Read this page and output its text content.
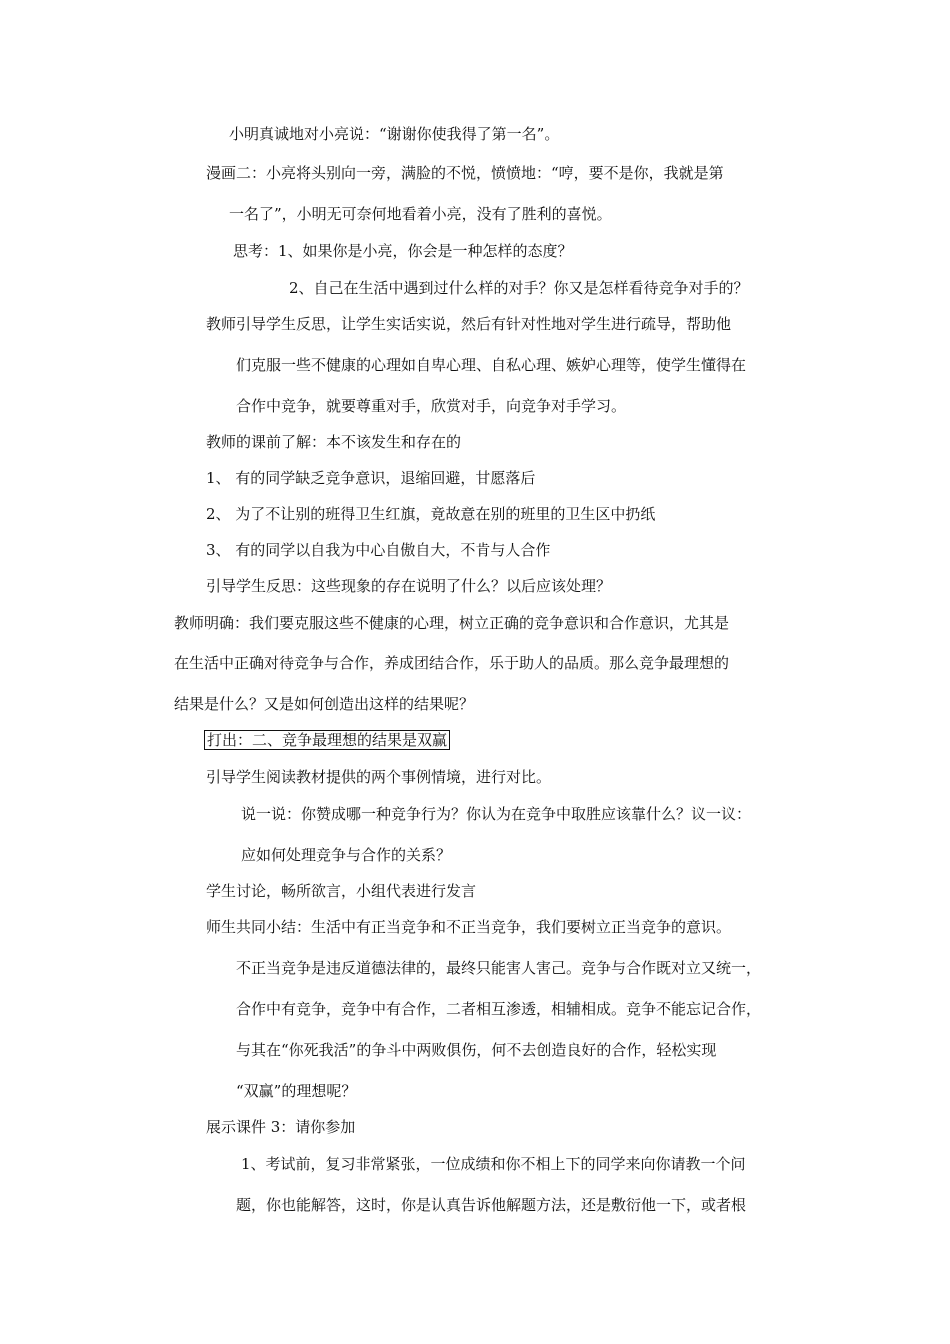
小明真诚地对小亮说：“谢谢你使我得了第一名”。
漫画二：小亮将头别向一旁，满脸的不悦，愤愤地：“哼，要不是你，我就是第
一名了”，小明无可奈何地看着小亮，没有了胜利的喜悦。
思考：1、如果你是小亮，你会是一种怎样的态度？
2、自己在生活中遇到过什么样的对手？你又是怎样看待竞争对手的？
教师引导学生反思，让学生实话实说，然后有针对性地对学生进行疏导，帮助他
们克服一些不健康的心理如自卑心理、自私心理、嫉妒心理等，使学生懂得在
合作中竞争，就要尊重对手，欣赏对手，向竞争对手学习。
教师的课前了解：本不该发生和存在的
1、 有的同学缺乏竞争意识，退缩回避，甘愿落后
2、 为了不让别的班得卫生红旗，竟故意在别的班里的卫生区中扔纸
3、 有的同学以自我为中心自傲自大，不肯与人合作
引导学生反思：这些现象的存在说明了什么？以后应该处理？
教师明确：我们要克服这些不健康的心理，树立正确的竞争意识和合作意识，尤其是
在生活中正确对待竞争与合作，养成团结合作，乐于助人的品质。那么竞争最理想的
结果是什么？又是如何创造出这样的结果呢？
打出：二、竞争最理想的结果是双赢
引导学生阅读教材提供的两个事例情境，进行对比。
说一说：你赞成哪一种竞争行为？你认为在竞争中取胜应该靠什么？议一议：
应如何处理竞争与合作的关系？
学生讨论，畅所欲言，小组代表进行发言
师生共同小结：生活中有正当竞争和不正当竞争，我们要树立正当竞争的意识。
不正当竞争是违反道德法律的，最终只能害人害己。竞争与合作既对立又统一，
合作中有竞争，竞争中有合作，二者相互渗透，相辅相成。竞争不能忘记合作，
与其在“你死我活”的争斗中两败俱伤，何不去创造良好的合作，轻松实现
“双赢”的理想呢？
展示课件 3：请你参加
1、考试前，复习非常紧张，一位成绩和你不相上下的同学来向你请教一个问
题，你也能解答，这时，你是认真告诉他解题方法，还是敷衍他一下，或者根
